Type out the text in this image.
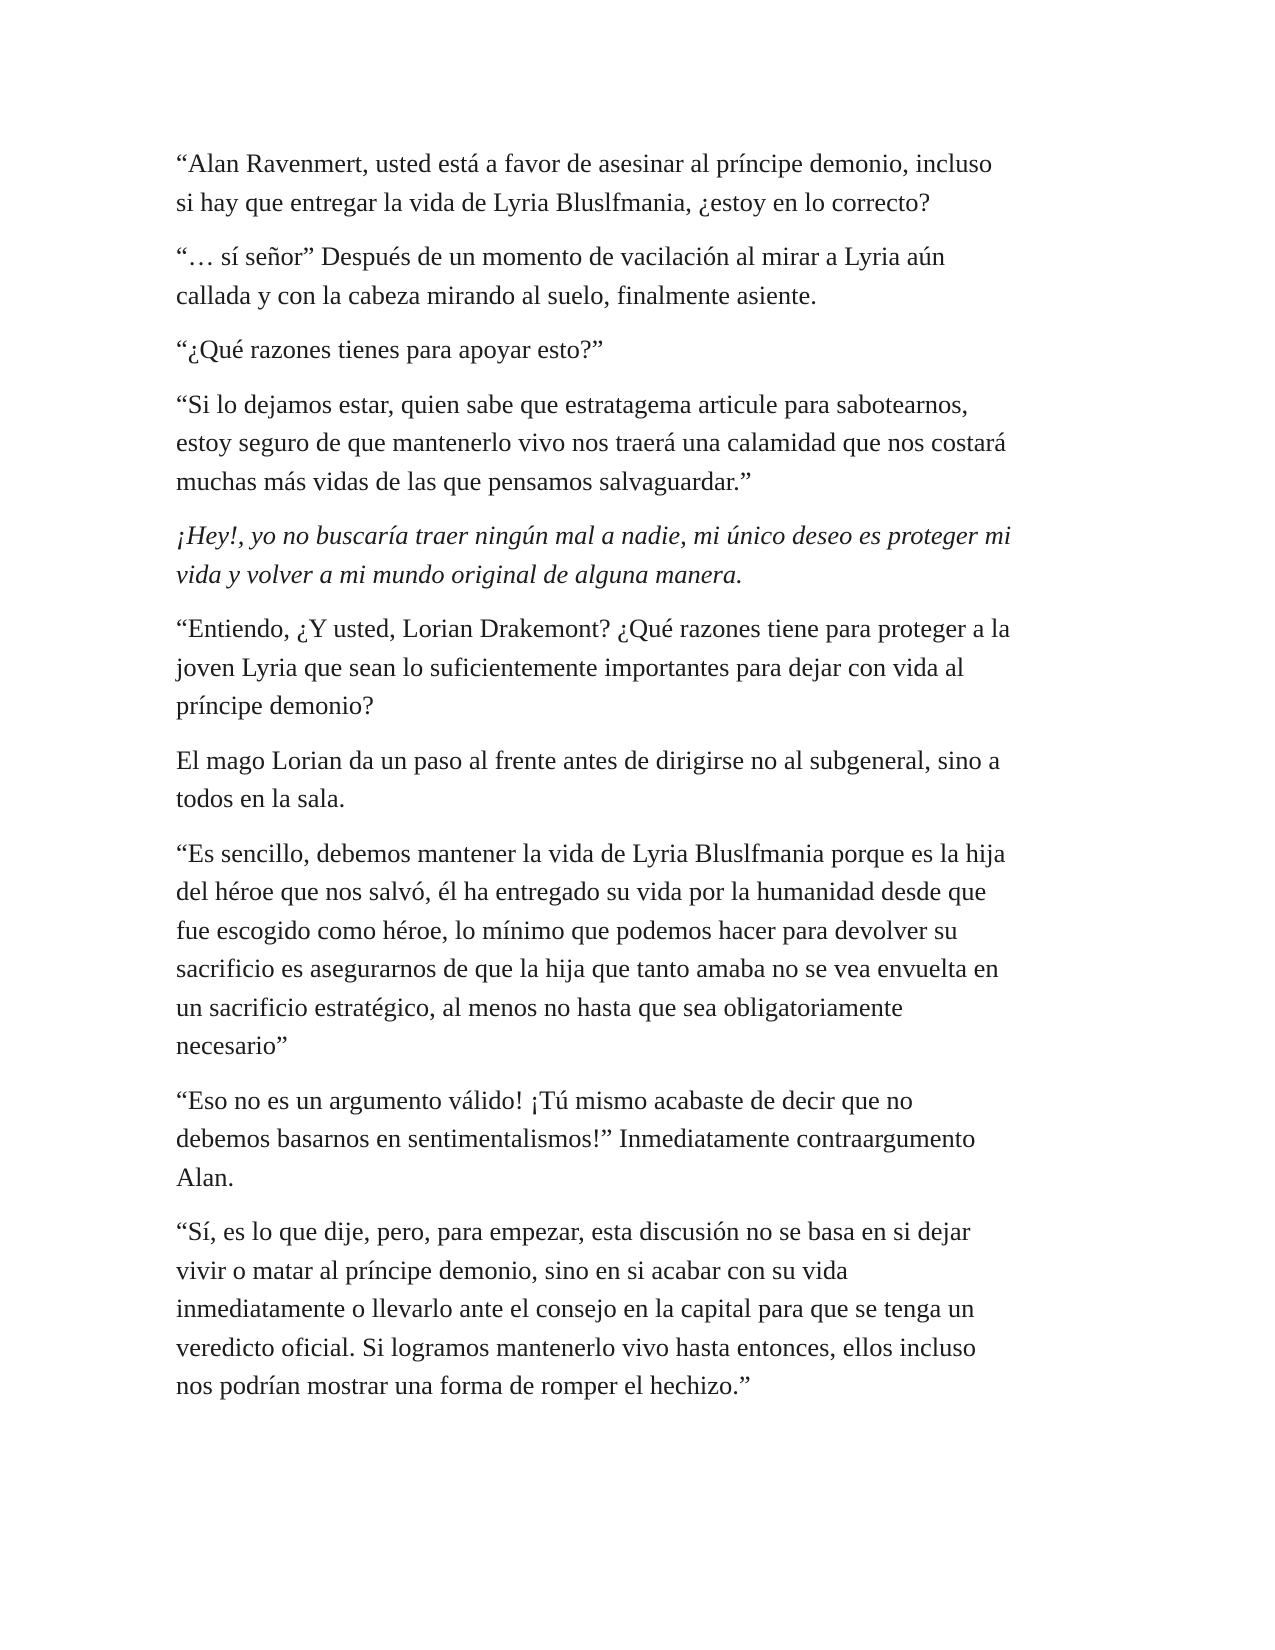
“Alan Ravenmert, usted está a favor de asesinar al príncipe demonio, incluso
si hay que entregar la vida de Lyria Bluslfmania, ¿estoy en lo correcto?

“… sí señor” Después de un momento de vacilación al mirar a Lyria aún
callada y con la cabeza mirando al suelo, finalmente asiente.

“¿Qué razones tienes para apoyar esto?”

“Si lo dejamos estar, quien sabe que estratagema articule para sabotearnos,
estoy seguro de que mantenerlo vivo nos traerá una calamidad que nos costará
muchas más vidas de las que pensamos salvaguardar.”

¡Hey!, yo no buscaría traer ningún mal a nadie, mi único deseo es proteger mi
vida y volver a mi mundo original de alguna manera.

“Entiendo, ¿Y usted, Lorian Drakemont? ¿Qué razones tiene para proteger a la
joven Lyria que sean lo suficientemente importantes para dejar con vida al
príncipe demonio?

El mago Lorian da un paso al frente antes de dirigirse no al subgeneral, sino a
todos en la sala.

“Es sencillo, debemos mantener la vida de Lyria Bluslfmania porque es la hija
del héroe que nos salvó, él ha entregado su vida por la humanidad desde que
fue escogido como héroe, lo mínimo que podemos hacer para devolver su
sacrificio es asegurarnos de que la hija que tanto amaba no se vea envuelta en
un sacrificio estratégico, al menos no hasta que sea obligatoriamente
necesario”

“Eso no es un argumento válido! ¡Tú mismo acabaste de decir que no
debemos basarnos en sentimentalismos!” Inmediatamente contraargumento
Alan.

“Sí, es lo que dije, pero, para empezar, esta discusión no se basa en si dejar
vivir o matar al príncipe demonio, sino en si acabar con su vida
inmediatamente o llevarlo ante el consejo en la capital para que se tenga un
veredicto oficial. Si logramos mantenerlo vivo hasta entonces, ellos incluso
nos podrían mostrar una forma de romper el hechizo.”
